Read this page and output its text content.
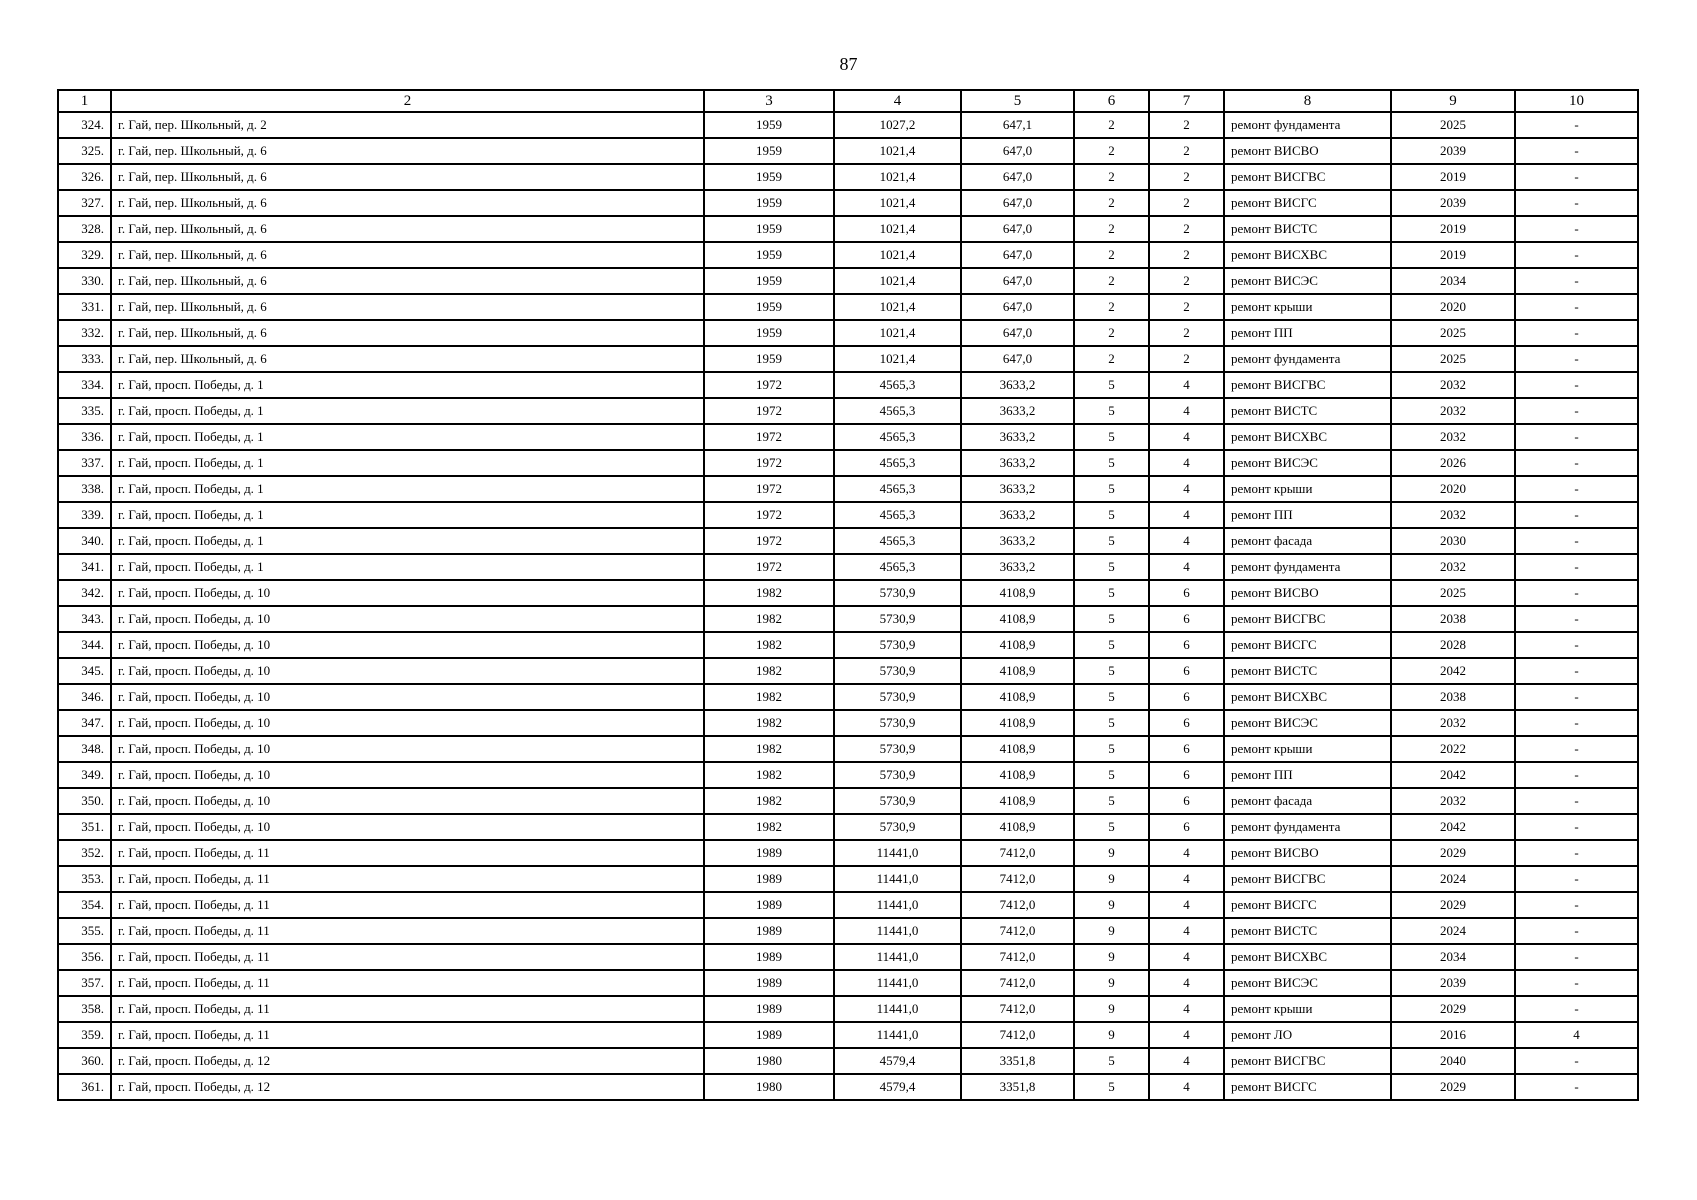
87
1	2	3	4	5	6	7	8	9	10
324.	г. Гай, пер. Школьный, д. 2	1959	1027,2	647,1	2	2	ремонт фундамента	2025	-
325.	г. Гай, пер. Школьный, д. 6	1959	1021,4	647,0	2	2	ремонт ВИСВО	2039	-
326.	г. Гай, пер. Школьный, д. 6	1959	1021,4	647,0	2	2	ремонт ВИСГВС	2019	-
327.	г. Гай, пер. Школьный, д. 6	1959	1021,4	647,0	2	2	ремонт ВИСГС	2039	-
328.	г. Гай, пер. Школьный, д. 6	1959	1021,4	647,0	2	2	ремонт ВИСТС	2019	-
329.	г. Гай, пер. Школьный, д. 6	1959	1021,4	647,0	2	2	ремонт ВИСХВС	2019	-
330.	г. Гай, пер. Школьный, д. 6	1959	1021,4	647,0	2	2	ремонт ВИСЭС	2034	-
331.	г. Гай, пер. Школьный, д. 6	1959	1021,4	647,0	2	2	ремонт крыши	2020	-
332.	г. Гай, пер. Школьный, д. 6	1959	1021,4	647,0	2	2	ремонт ПП	2025	-
333.	г. Гай, пер. Школьный, д. 6	1959	1021,4	647,0	2	2	ремонт фундамента	2025	-
334.	г. Гай, просп. Победы, д. 1	1972	4565,3	3633,2	5	4	ремонт ВИСГВС	2032	-
335.	г. Гай, просп. Победы, д. 1	1972	4565,3	3633,2	5	4	ремонт ВИСТС	2032	-
336.	г. Гай, просп. Победы, д. 1	1972	4565,3	3633,2	5	4	ремонт ВИСХВС	2032	-
337.	г. Гай, просп. Победы, д. 1	1972	4565,3	3633,2	5	4	ремонт ВИСЭС	2026	-
338.	г. Гай, просп. Победы, д. 1	1972	4565,3	3633,2	5	4	ремонт крыши	2020	-
339.	г. Гай, просп. Победы, д. 1	1972	4565,3	3633,2	5	4	ремонт ПП	2032	-
340.	г. Гай, просп. Победы, д. 1	1972	4565,3	3633,2	5	4	ремонт фасада	2030	-
341.	г. Гай, просп. Победы, д. 1	1972	4565,3	3633,2	5	4	ремонт фундамента	2032	-
342.	г. Гай, просп. Победы, д. 10	1982	5730,9	4108,9	5	6	ремонт ВИСВО	2025	-
343.	г. Гай, просп. Победы, д. 10	1982	5730,9	4108,9	5	6	ремонт ВИСГВС	2038	-
344.	г. Гай, просп. Победы, д. 10	1982	5730,9	4108,9	5	6	ремонт ВИСГС	2028	-
345.	г. Гай, просп. Победы, д. 10	1982	5730,9	4108,9	5	6	ремонт ВИСТС	2042	-
346.	г. Гай, просп. Победы, д. 10	1982	5730,9	4108,9	5	6	ремонт ВИСХВС	2038	-
347.	г. Гай, просп. Победы, д. 10	1982	5730,9	4108,9	5	6	ремонт ВИСЭС	2032	-
348.	г. Гай, просп. Победы, д. 10	1982	5730,9	4108,9	5	6	ремонт крыши	2022	-
349.	г. Гай, просп. Победы, д. 10	1982	5730,9	4108,9	5	6	ремонт ПП	2042	-
350.	г. Гай, просп. Победы, д. 10	1982	5730,9	4108,9	5	6	ремонт фасада	2032	-
351.	г. Гай, просп. Победы, д. 10	1982	5730,9	4108,9	5	6	ремонт фундамента	2042	-
352.	г. Гай, просп. Победы, д. 11	1989	11441,0	7412,0	9	4	ремонт ВИСВО	2029	-
353.	г. Гай, просп. Победы, д. 11	1989	11441,0	7412,0	9	4	ремонт ВИСГВС	2024	-
354.	г. Гай, просп. Победы, д. 11	1989	11441,0	7412,0	9	4	ремонт ВИСГС	2029	-
355.	г. Гай, просп. Победы, д. 11	1989	11441,0	7412,0	9	4	ремонт ВИСТС	2024	-
356.	г. Гай, просп. Победы, д. 11	1989	11441,0	7412,0	9	4	ремонт ВИСХВС	2034	-
357.	г. Гай, просп. Победы, д. 11	1989	11441,0	7412,0	9	4	ремонт ВИСЭС	2039	-
358.	г. Гай, просп. Победы, д. 11	1989	11441,0	7412,0	9	4	ремонт крыши	2029	-
359.	г. Гай, просп. Победы, д. 11	1989	11441,0	7412,0	9	4	ремонт ЛО	2016	4
360.	г. Гай, просп. Победы, д. 12	1980	4579,4	3351,8	5	4	ремонт ВИСГВС	2040	-
361.	г. Гай, просп. Победы, д. 12	1980	4579,4	3351,8	5	4	ремонт ВИСГС	2029	-
